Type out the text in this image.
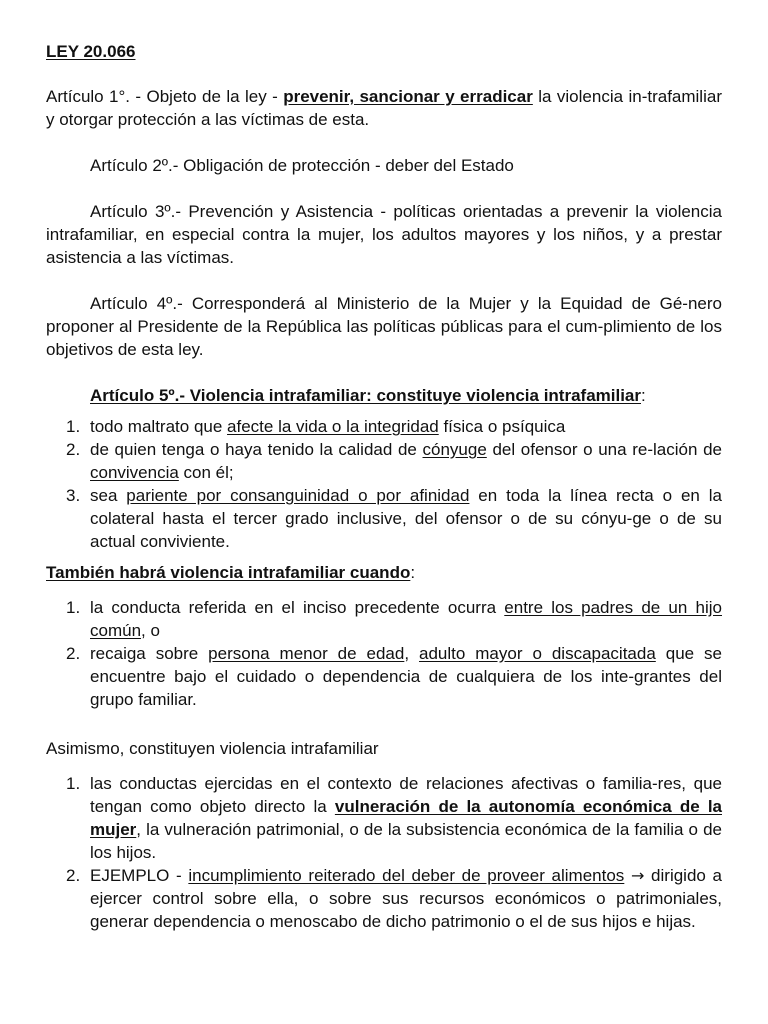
LEY 20.066

Artículo 1°. - Objeto de la ley - prevenir, sancionar y erradicar la violencia in-trafamiliar y otorgar protección a las víctimas de esta.

Artículo 2º.- Obligación de protección - deber del Estado

Artículo 3º.- Prevención y Asistencia - políticas orientadas a prevenir la violencia intrafamiliar, en especial contra la mujer, los adultos mayores y los niños, y a prestar asistencia a las víctimas.

Artículo 4º.- Corresponderá al Ministerio de la Mujer y la Equidad de Gé-nero proponer al Presidente de la República las políticas públicas para el cum-plimiento de los objetivos de esta ley.

Artículo 5º.- Violencia intrafamiliar: constituye violencia intrafamiliar:

1. todo maltrato que afecte la vida o la integridad física o psíquica
2. de quien tenga o haya tenido la calidad de cónyuge del ofensor o una re-lación de convivencia con él;
3. sea pariente por consanguinidad o por afinidad en toda la línea recta o en la colateral hasta el tercer grado inclusive, del ofensor o de su cónyu-ge o de su actual conviviente.

También habrá violencia intrafamiliar cuando:

1. la conducta referida en el inciso precedente ocurra entre los padres de un hijo común, o
2. recaiga sobre persona menor de edad, adulto mayor o discapacitada que se encuentre bajo el cuidado o dependencia de cualquiera de los inte-grantes del grupo familiar.

Asimismo, constituyen violencia intrafamiliar

1. las conductas ejercidas en el contexto de relaciones afectivas o familia-res, que tengan como objeto directo la vulneración de la autonomía económica de la mujer, la vulneración patrimonial, o de la subsistencia económica de la familia o de los hijos.
2. EJEMPLO - incumplimiento reiterado del deber de proveer alimentos → dirigido a ejercer control sobre ella, o sobre sus recursos económicos o patrimoniales, generar dependencia o menoscabo de dicho patrimonio o el de sus hijos e hijas.
